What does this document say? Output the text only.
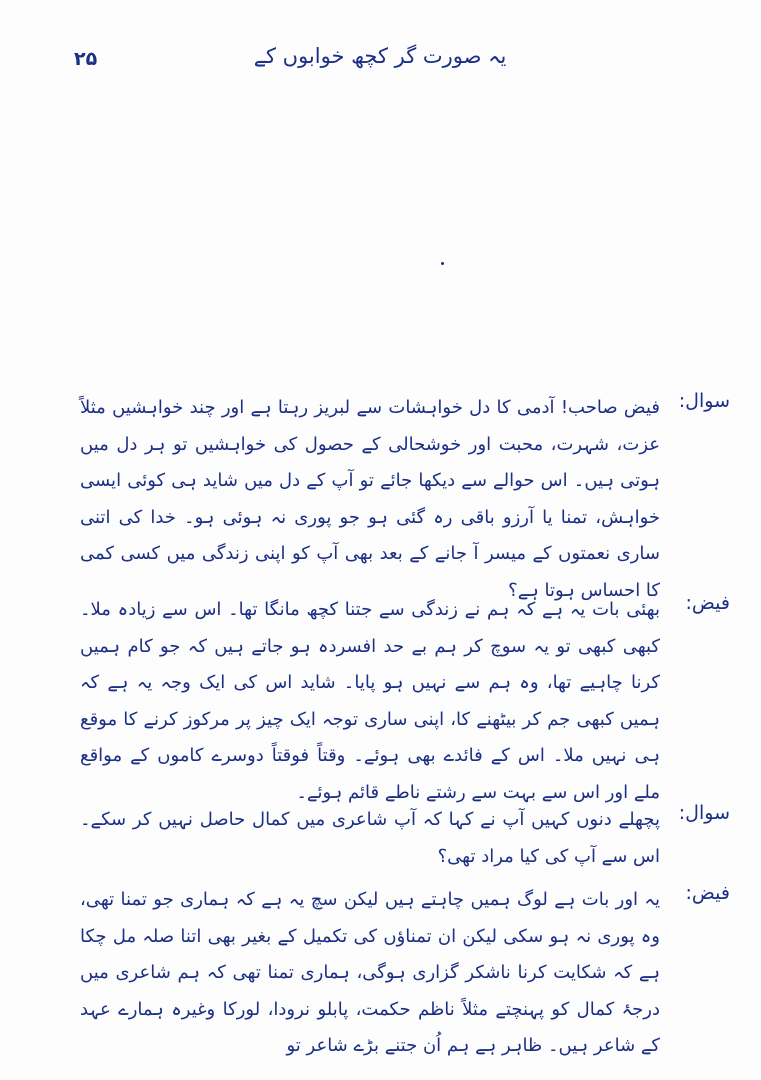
۲۵	یہ صورت گر کچھ خوابوں کے
سوال:
فیض صاحب! آدمی کا دل خواہشات سے لبریز رہتا ہے اور چند خواہشیں مثلاً عزت، شہرت، محبت اور خوشحالی کے حصول کی خواہشیں تو ہر دل میں ہوتی ہیں۔ اس حوالے سے دیکھا جائے تو آپ کے دل میں شاید ہی کوئی ایسی خواہش، تمنا یا آرزو باقی رہ گئی ہو جو پوری نہ ہوئی ہو۔ خدا کی اتنی ساری نعمتوں کے میسر آ جانے کے بعد بھی آپ کو اپنی زندگی میں کسی کمی کا احساس ہوتا ہے؟
فیض:
بھئی بات یہ ہے کہ ہم نے زندگی سے جتنا کچھ مانگا تھا۔ اس سے زیادہ ملا۔ کبھی کبھی تو یہ سوچ کر ہم بے حد افسردہ ہو جاتے ہیں کہ جو کام ہمیں کرنا چاہیے تھا، وہ ہم سے نہیں ہو پایا۔ شاید اس کی ایک وجہ یہ ہے کہ ہمیں کبھی جم کر بیٹھنے کا، اپنی ساری توجہ ایک چیز پر مرکوز کرنے کا موقع ہی نہیں ملا۔ اس کے فائدے بھی ہوئے۔ وقتاً فوقتاً دوسرے کاموں کے مواقع ملے اور اس سے بہت سے رشتے ناطے قائم ہوئے۔
سوال:
پچھلے دنوں کہیں آپ نے کہا کہ آپ شاعری میں کمال حاصل نہیں کر سکے۔ اس سے آپ کی کیا مراد تھی؟
فیض:
یہ اور بات ہے لوگ ہمیں چاہتے ہیں لیکن سچ یہ ہے کہ ہماری جو تمنا تھی، وہ پوری نہ ہو سکی لیکن ان تمناؤں کی تکمیل کے بغیر بھی اتنا صلہ مل چکا ہے کہ شکایت کرنا ناشکر گزاری ہوگی، ہماری تمنا تھی کہ ہم شاعری میں درجۂ کمال کو پہنچتے مثلاً ناظم حکمت، پابلو نرودا، لورکا وغیرہ ہمارے عہد کے شاعر ہیں۔ ظاہر ہے ہم اُن جتنے بڑے شاعر تو
